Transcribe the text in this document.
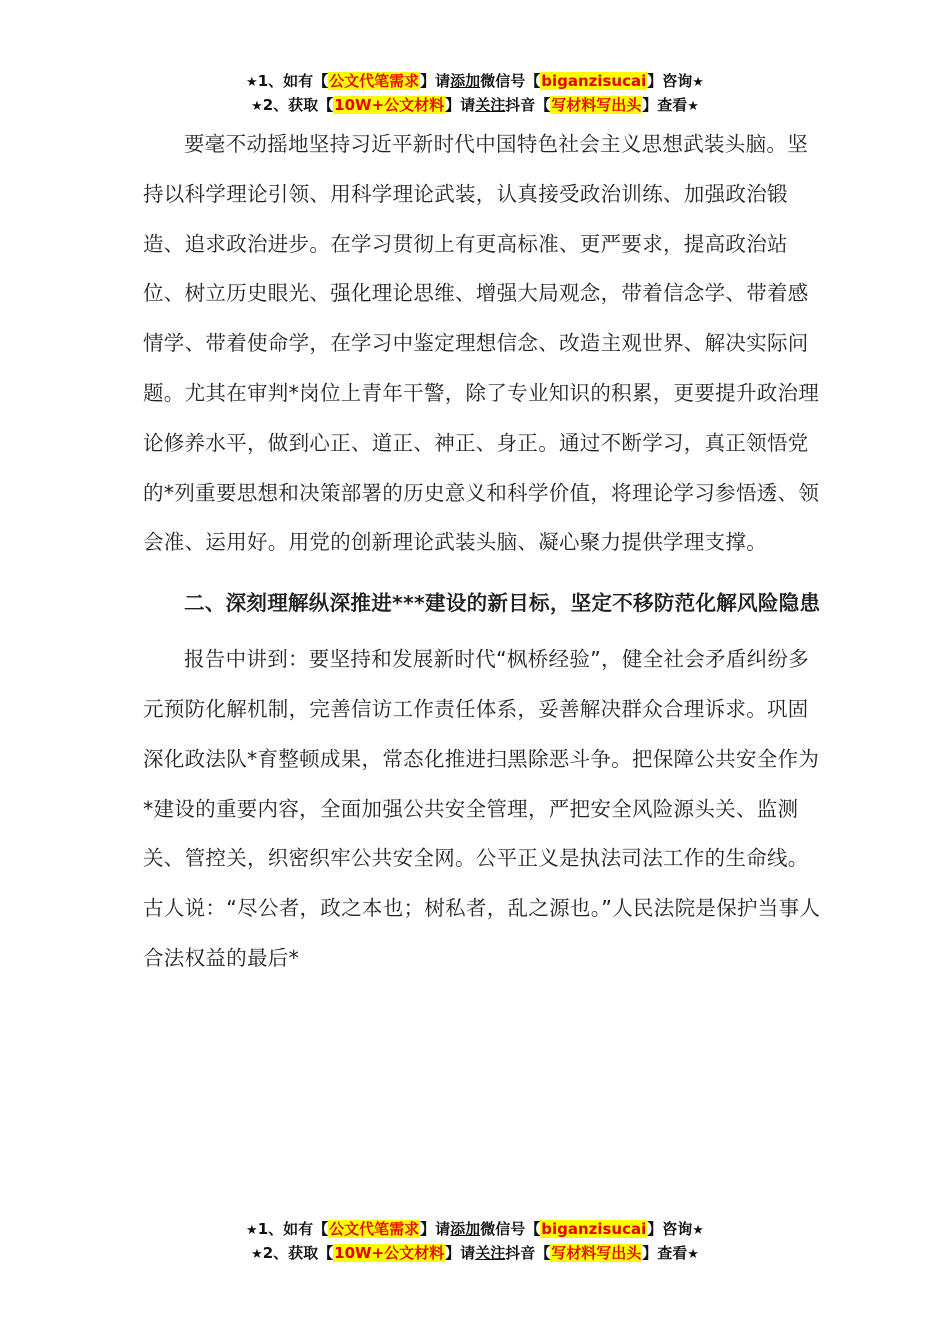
★1、如有【公文代笔需求】请添加微信号【biganzisucai】咨询★
★2、获取【10W+公文材料】请关注抖音【写材料写出头】查看★

要毫不动摇地坚持习近平新时代中国特色社会主义思想武装头脑。坚持以科学理论引领、用科学理论武装，认真接受政治训练、加强政治锻造、追求政治进步。在学习贯彻上有更高标准、更严要求，提高政治站位、树立历史眼光、强化理论思维、增强大局观念，带着信念学、带着感情学、带着使命学，在学习中鉴定理想信念、改造主观世界、解决实际问题。尤其在审判*岗位上青年干警，除了专业知识的积累，更要提升政治理论修养水平，做到心正、道正、神正、身正。通过不断学习，真正领悟党的*列重要思想和决策部署的历史意义和科学价值，将理论学习参悟透、领会准、运用好。用党的创新理论武装头脑、凝心聚力提供学理支撑。

二、深刻理解纵深推进***建设的新目标，坚定不移防范化解风险隐患

报告中讲到：要坚持和发展新时代“枫桥经验”，健全社会矛盾纠纷多元预防化解机制，完善信访工作责任体系，妥善解决群众合理诉求。巩固深化政法队*育整顿成果，常态化推进扫黑除恶斗争。把保障公共安全作为*建设的重要内容，全面加强公共安全管理，严把安全风险源头关、监测关、管控关，织密织牢公共安全网。公平正义是执法司法工作的生命线。古人说：“尽公者，政之本也；树私者，乱之源也。”人民法院是保护当事人合法权益的最后*

★1、如有【公文代笔需求】请添加微信号【biganzisucai】咨询★
★2、获取【10W+公文材料】请关注抖音【写材料写出头】查看★
